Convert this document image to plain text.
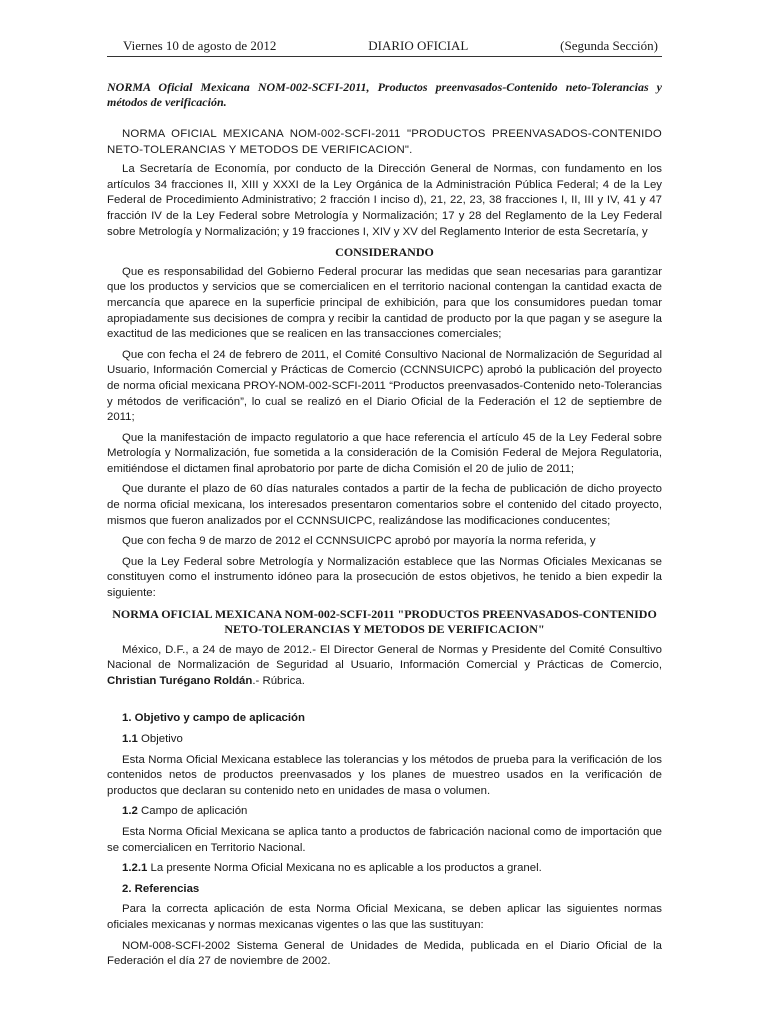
Viernes 10 de agosto de 2012	DIARIO OFICIAL	(Segunda Sección)
NORMA Oficial Mexicana NOM-002-SCFI-2011, Productos preenvasados-Contenido neto-Tolerancias y métodos de verificación.
NORMA OFICIAL MEXICANA NOM-002-SCFI-2011 "PRODUCTOS PREENVASADOS-CONTENIDO NETO-TOLERANCIAS Y METODOS DE VERIFICACION".

La Secretaría de Economía, por conducto de la Dirección General de Normas, con fundamento en los artículos 34 fracciones II, XIII y XXXI de la Ley Orgánica de la Administración Pública Federal; 4 de la Ley Federal de Procedimiento Administrativo; 2 fracción I inciso d), 21, 22, 23, 38 fracciones I, II, III y IV, 41 y 47 fracción IV de la Ley Federal sobre Metrología y Normalización; 17 y 28 del Reglamento de la Ley Federal sobre Metrología y Normalización; y 19 fracciones I, XIV y XV del Reglamento Interior de esta Secretaría, y

CONSIDERANDO

Que es responsabilidad del Gobierno Federal procurar las medidas que sean necesarias para garantizar que los productos y servicios que se comercialicen en el territorio nacional contengan la cantidad exacta de mercancía que aparece en la superficie principal de exhibición, para que los consumidores puedan tomar apropiadamente sus decisiones de compra y recibir la cantidad de producto por la que pagan y se asegure la exactitud de las mediciones que se realicen en las transacciones comerciales;

Que con fecha el 24 de febrero de 2011, el Comité Consultivo Nacional de Normalización de Seguridad al Usuario, Información Comercial y Prácticas de Comercio (CCNNSUICPC) aprobó la publicación del proyecto de norma oficial mexicana PROY-NOM-002-SCFI-2011 “Productos preenvasados-Contenido neto-Tolerancias y métodos de verificación”, lo cual se realizó en el Diario Oficial de la Federación el 12 de septiembre de 2011;

Que la manifestación de impacto regulatorio a que hace referencia el artículo 45 de la Ley Federal sobre Metrología y Normalización, fue sometida a la consideración de la Comisión Federal de Mejora Regulatoria, emitiéndose el dictamen final aprobatorio por parte de dicha Comisión el 20 de julio de 2011;

Que durante el plazo de 60 días naturales contados a partir de la fecha de publicación de dicho proyecto de norma oficial mexicana, los interesados presentaron comentarios sobre el contenido del citado proyecto, mismos que fueron analizados por el CCNNSUICPC, realizándose las modificaciones conducentes;

Que con fecha 9 de marzo de 2012 el CCNNSUICPC aprobó por mayoría la norma referida, y

Que la Ley Federal sobre Metrología y Normalización establece que las Normas Oficiales Mexicanas se constituyen como el instrumento idóneo para la prosecución de estos objetivos, he tenido a bien expedir la siguiente:

NORMA OFICIAL MEXICANA NOM-002-SCFI-2011 "PRODUCTOS PREENVASADOS-CONTENIDO
NETO-TOLERANCIAS Y METODOS DE VERIFICACION"

México, D.F., a 24 de mayo de 2012.- El Director General de Normas y Presidente del Comité Consultivo Nacional de Normalización de Seguridad al Usuario, Información Comercial y Prácticas de Comercio, Christian Turégano Roldán.- Rúbrica.

1. Objetivo y campo de aplicación

1.1 Objetivo

Esta Norma Oficial Mexicana establece las tolerancias y los métodos de prueba para la verificación de los contenidos netos de productos preenvasados y los planes de muestreo usados en la verificación de productos que declaran su contenido neto en unidades de masa o volumen.

1.2 Campo de aplicación

Esta Norma Oficial Mexicana se aplica tanto a productos de fabricación nacional como de importación que se comercialicen en Territorio Nacional.

1.2.1 La presente Norma Oficial Mexicana no es aplicable a los productos a granel.

2. Referencias

Para la correcta aplicación de esta Norma Oficial Mexicana, se deben aplicar las siguientes normas oficiales mexicanas y normas mexicanas vigentes o las que las sustituyan:

NOM-008-SCFI-2002 Sistema General de Unidades de Medida, publicada en el Diario Oficial de la Federación el día 27 de noviembre de 2002.
